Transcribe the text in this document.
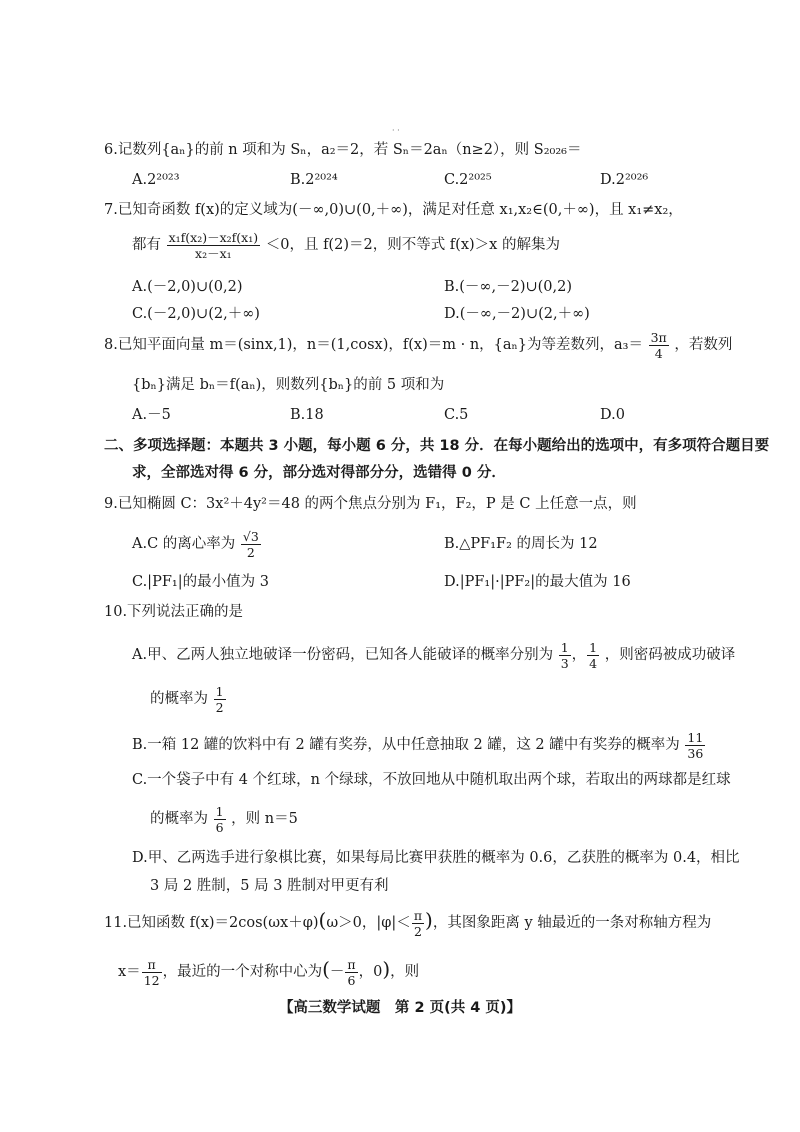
· ·
6.记数列{aₙ}的前 n 项和为 Sₙ，a₂＝2，若 Sₙ＝2aₙ（n≥2），则 S₂₀₂₆＝
A.2²⁰²³	B.2²⁰²⁴	C.2²⁰²⁵	D.2²⁰²⁶
7.已知奇函数 f(x)的定义域为(－∞,0)∪(0,＋∞)，满足对任意 x₁,x₂∈(0,＋∞)，且 x₁≠x₂，
都有 $\frac{\text{x₁f(x₂)－x₂f(x₁)}}{\text{x₂－x₁}} <0$，且 f(2)＝2，则不等式 f(x)＞x 的解集为
A.(－2,0)∪(0,2)	B.(－∞,－2)∪(0,2)
C.(－2,0)∪(2,＋∞)	D.(－∞,－2)∪(2,＋∞)
8.已知平面向量 m＝(sinx,1)，n＝(1,cosx)，f(x)＝m · n，{aₙ}为等差数列，$a_3= \frac{3\pi}{4}$ ，若数列
{bₙ}满足 bₙ＝f(aₙ)，则数列{bₙ}的前 5 项和为
A.－5	B.18	C.5	D.0
二、多项选择题：本题共 3 小题，每小题 6 分，共 18 分．在每小题给出的选项中，有多项符合题目要
求，全部选对得 6 分，部分选对得部分分，选错得 0 分．
9.已知椭圆 C：3x²＋4y²＝48 的两个焦点分别为 F₁，F₂，P 是 C 上任意一点，则
A.C 的离心率为 $\frac{√3}{2}$	B.△PF₁F₂ 的周长为 12
C.|PF₁|的最小值为 3	D.|PF₁|·|PF₂|的最大值为 16
10.下列说法正确的是
A.甲、乙两人独立地破译一份密码，已知各人能破译的概率分别为 $\frac{1}{3}$ ， $\frac{1}{4}$ ，则密码被成功破译
的概率为 $\frac{1}{2}$
B.一箱 12 罐的饮料中有 2 罐有奖券，从中任意抽取 2 罐，这 2 罐中有奖券的概率为 $\frac{11}{36}$
C.一个袋子中有 4 个红球，n 个绿球，不放回地从中随机取出两个球，若取出的两球都是红球
的概率为 $\frac{1}{6}$ ，则 n＝5
D.甲、乙两选手进行象棋比赛，如果每局比赛甲获胜的概率为 0.6，乙获胜的概率为 0.4，相比
3 局 2 胜制，5 局 3 胜制对甲更有利
11.已知函数 f(x)＝2cos(ωx＋φ)(ω＞0，$|\varphi|< \frac{\pi}{2}$ )，其图象距离 y 轴最近的一条对称轴方程为
$x= \frac{\pi}{12}$ ，最近的一个对称中心为(－ $\frac{\pi}{6}$ ，0)，则
【高三数学试题　第 2 页(共 4 页)】
